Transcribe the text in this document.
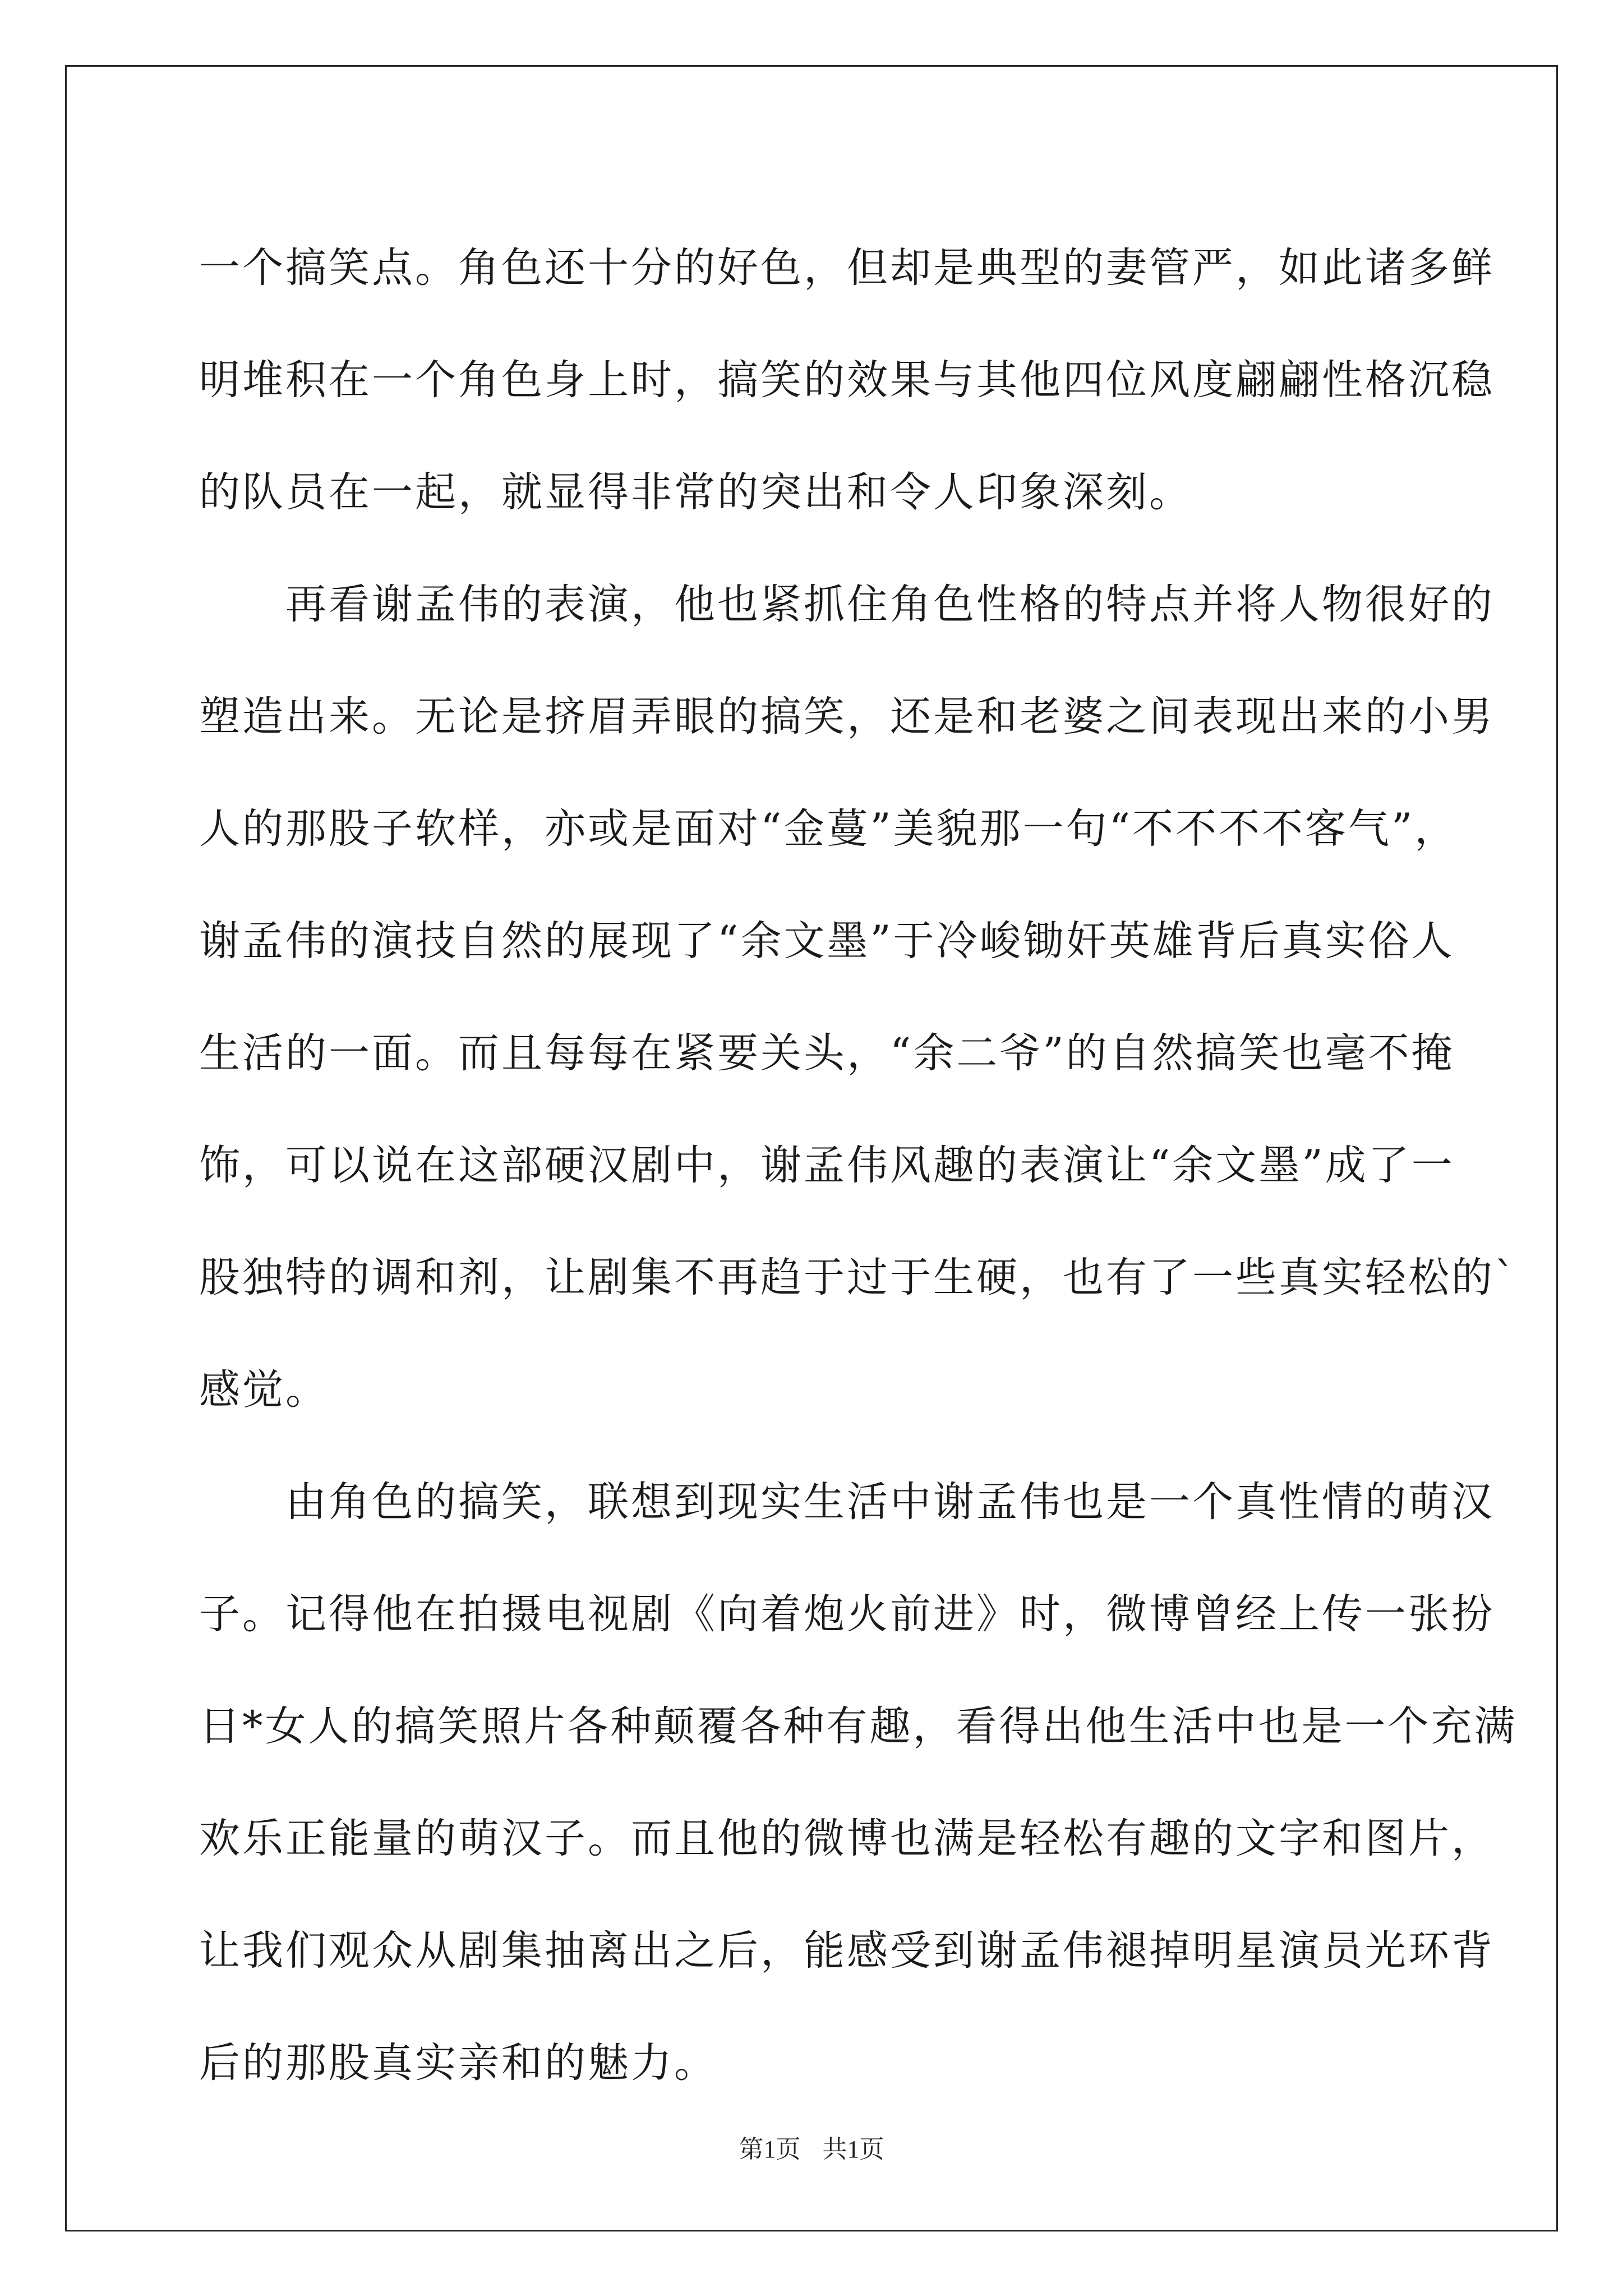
一个搞笑点。角色还十分的好色，但却是典型的妻管严，如此诸多鲜
明堆积在一个角色身上时，搞笑的效果与其他四位风度翩翩性格沉稳
的队员在一起，就显得非常的突出和令人印象深刻。
　　再看谢孟伟的表演，他也紧抓住角色性格的特点并将人物很好的
塑造出来。无论是挤眉弄眼的搞笑，还是和老婆之间表现出来的小男
人的那股子软样，亦或是面对“金蔓”美貌那一句“不不不不客气”，
谢孟伟的演技自然的展现了“余文墨”于冷峻锄奸英雄背后真实俗人
生活的一面。而且每每在紧要关头，“余二爷”的自然搞笑也毫不掩
饰，可以说在这部硬汉剧中，谢孟伟风趣的表演让“余文墨”成了一
股独特的调和剂，让剧集不再趋于过于生硬，也有了一些真实轻松的`
感觉。
　　由角色的搞笑，联想到现实生活中谢孟伟也是一个真性情的萌汉
子。记得他在拍摄电视剧《向着炮火前进》时，微博曾经上传一张扮
日*女人的搞笑照片各种颠覆各种有趣，看得出他生活中也是一个充满
欢乐正能量的萌汉子。而且他的微博也满是轻松有趣的文字和图片，
让我们观众从剧集抽离出之后，能感受到谢孟伟褪掉明星演员光环背
后的那股真实亲和的魅力。
第1页 共1页
